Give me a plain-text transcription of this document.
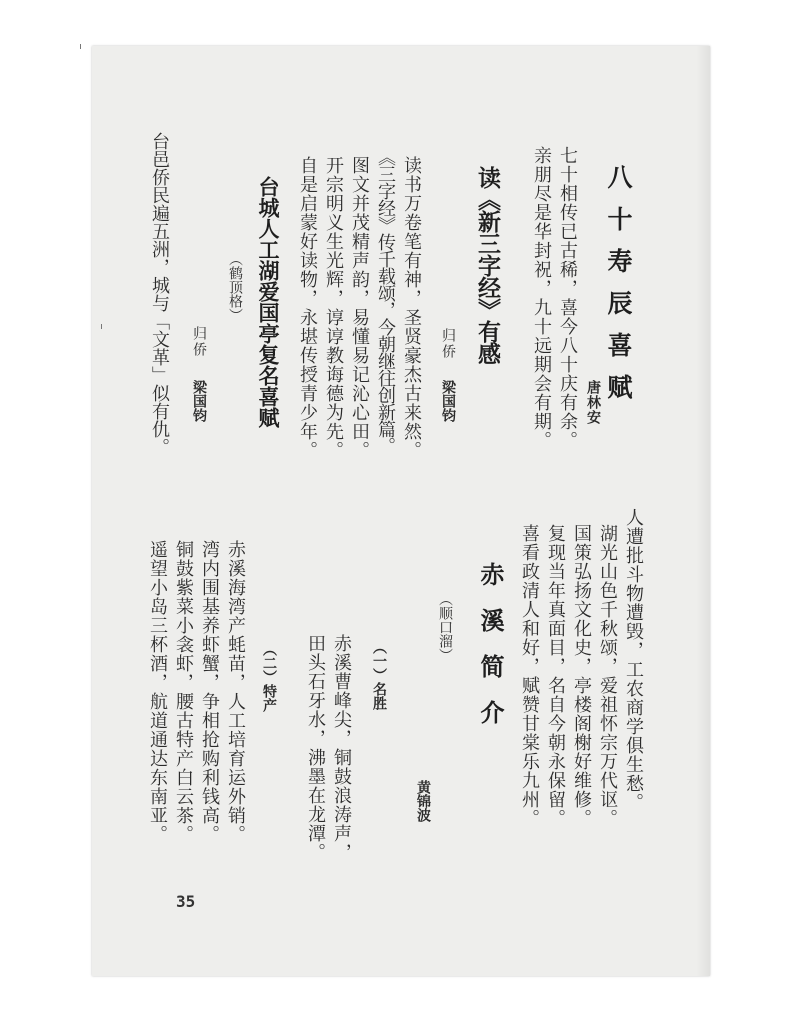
八十寿辰喜赋
唐林安
七十相传已古稀，喜今八十庆有余。
亲朋尽是华封祝，九十远期会有期。
读《新三字经》有感
归侨
梁国钧
读书万卷笔有神，圣贤豪杰古来然。
《三字经》传千载颂，今朝继往创新篇。
图文并茂精声韵，易懂易记沁心田。
开宗明义生光辉，谆谆教诲德为先。
自是启蒙好读物，永堪传授青少年。
台城人工湖爱国亭复名喜赋
（鹤顶格）
归侨
梁国钧
台邑侨民遍五洲，城与「文革」似有仇。
人遭批斗物遭毁，工农商学俱生愁。
湖光山色千秋颂，爱祖怀宗万代讴。
国策弘扬文化史，亭楼阁榭好维修。
复现当年真面目，名自今朝永保留。
喜看政清人和好，赋赞甘棠乐九州。
赤溪简介
（顺口溜）
黄锦波
（一）名胜
赤溪曹峰尖，铜鼓浪涛声，
田头石牙水，沸墨在龙潭。
（二）特产
赤溪海湾产蚝苗，人工培育运外销。
湾内围基养虾蟹，争相抢购利钱高。
铜鼓紫菜小衾虾，腰古特产白云茶。
遥望小岛三杯酒，航道通达东南亚。
35
